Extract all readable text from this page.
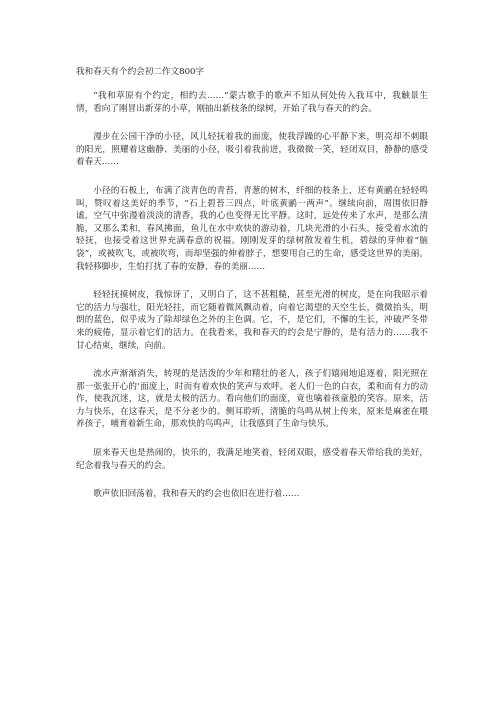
我和春天有个约会初二作文800字

“我和草原有个约定，相约去……”蒙古歌手的歌声不知从何处传入我耳中，我触景生情，看向了刚冒出新芽的小草，刚抽出新枝条的绿树，开始了我与春天的约会。

漫步在公园干净的小径，风儿轻抚着我的面庞，使我浮躁的心平静下来，明亮却不刺眼的阳光，照耀着这幽静、美丽的小径，吸引着我前进，我微微一笑，轻闭双目，静静的感受着春天……

小径的石板上，布满了淡青色的青苔，青葱的树木，纤细的枝条上，还有黄鹂在轻轻鸣叫，赞叹着这美好的季节，“石上碧苔三四点，叶底黄鹂一两声”。继续向前，周围依旧静谧，空气中弥漫着淡淡的清香，我的心也变得无比平静。这时，远处传来了水声，是那么清脆，又那么柔和，春风拂面，鱼儿在水中欢快的游动着，几块光滑的小石头，接受着水流的轻抚，也接受着这世界充满春意的祝福。刚刚发芽的绿树散发着生机，碧绿的芽伸着“脑袋”，或被吹飞，或被吹弯，而却坚强的伸着脖子，想要用自己的生命，感受这世界的美丽。我轻移脚步，生怕打扰了春的安静，春的美丽……

轻轻抚摸树皮，我惊讶了，又明白了，这不甚粗糙，甚至光滑的树皮，是在向我昭示着它的活力与强壮，阳光轻拄，而它随着微风飘动着，向着它渴望的天空生长，微微抬头，明朗的蓝色，似乎成为了除却绿色之外的主色调。它，不，是它们，不懈的生长，冲破严冬带来的疲倦，显示着它们的活力。在我看来，我和春天的约会是宁静的，是有活力的……我不甘心结束，继续，向前。

流水声渐渐消失，转现的是活泼的少年和精壮的老人，孩子们嬉闹地追逐着，阳光照在那一张张开心的’面庞上，时而有着欢快的笑声与欢呼。老人们一色的白衣，柔和而有力的动作，使我沉迷，这，就是太极的活力。看向他们的面庞，竟也噙着孩童般的笑容。原来，活力与快乐，在这春天，是不分老少的。侧耳聆听，清脆的鸟鸣从树上传来，原来是麻雀在喂养孩子，哺育着新生命，那欢快的鸟鸣声，让我感到了生命与快乐。

原来春天也是热闹的，快乐的，我满足地笑着，轻闭双眼，感受着春天带给我的美好，纪念着我与春天的约会。

歌声依旧回荡着，我和春天的约会也依旧在进行着……
